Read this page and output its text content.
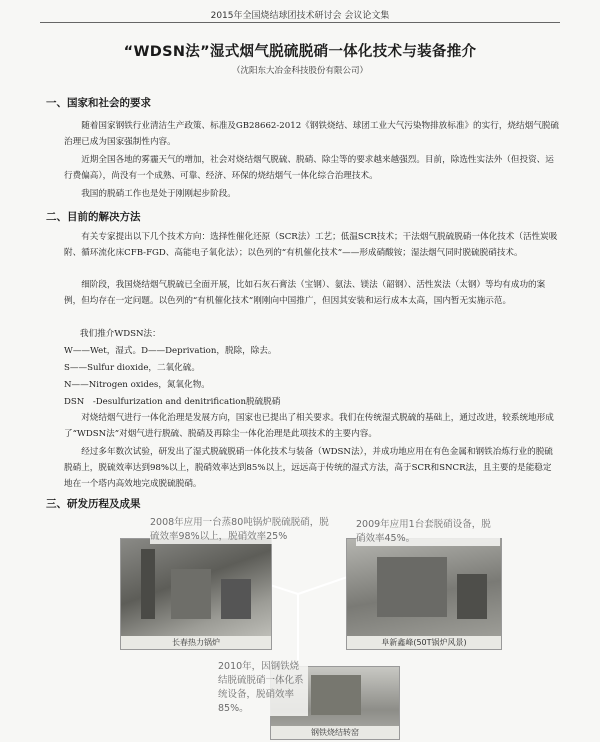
2015年全国烧结球团技术研讨会 会议论文集
“WDSN法”湿式烟气脱硫脱硝一体化技术与装备推介
（沈阳东大冶金科技股份有限公司）
一、国家和社会的要求
随着国家钢铁行业清洁生产政策、标准及GB28662-2012《钢铁烧结、球团工业大气污染物排放标准》的实行，烧结烟气脱硫治理已成为国家强制性内容。
近期全国各地的雾霾天气的增加，社会对烧结烟气脱硫、脱硝、除尘等的要求越来越强烈。目前，除选性实法外（但投资、运行费偏高），尚没有一个成熟、可靠、经济、环保的烧结烟气一体化综合治理技术。
我国的脱硝工作也是处于刚刚起步阶段。
二、目前的解决方法
有关专家提出以下几个技术方向：选择性催化还原（SCR法）工艺；低温SCR技术；干法烟气脱硫脱硝一体化技术（活性炭吸附、循环流化床CFB-FGD、高能电子氧化法）；以色列的“有机催化技术”——形成硝酸铵；湿法烟气同时脱硫脱硝技术。
细阶段，我国烧结烟气脱硫已全面开展，比如石灰石膏法（宝钢）、氨法、镁法（韶钢）、活性炭法（太钢）等均有成功的案例，但均存在一定问题。以色列的“有机催化技术”刚刚向中国推广，但因其安装和运行成本太高，国内暂无实施示范。
我们推介WDSN法：
W——Wet，湿式。D——Deprivation，脱除，除去。
S——Sulfur dioxide，二氧化硫。
N——Nitrogen oxides，氮氧化物。
DSN　-Desulfurization and denitrification脱硫脱硝
对烧结烟气进行一体化治理是发展方向，国家也已提出了相关要求。我们在传统湿式脱硫的基础上，通过改进，较系统地形成了“WDSN法”对烟气进行脱硫、脱硝及再除尘一体化治理是此项技术的主要内容。
经过多年数次试验，研发出了湿式脱硫脱硝一体化技术与装备（WDSN法），并成功地应用在有色金属和钢铁冶炼行业的脱硫脱硝上，脱硫效率达到98%以上，脱硝效率达到85%以上，远远高于传统的湿式方法，高于SCR和SNCR法，且主要的是能稳定地在一个塔内高效地完成脱硫脱硝。
三、研发历程及成果
长春热力锅炉	阜新鑫峰(50T锅炉风景)
钢铁烧结转窑
2008年应用一台蒸80吨锅炉脱硫脱硝，脱硫效率98%以上，脱硝效率25%
2009年应用1台套脱硝设备，脱硝效率45%。
2010年，因钢铁烧结脱硫脱硝一体化系统设备，脱硝效率85%。
